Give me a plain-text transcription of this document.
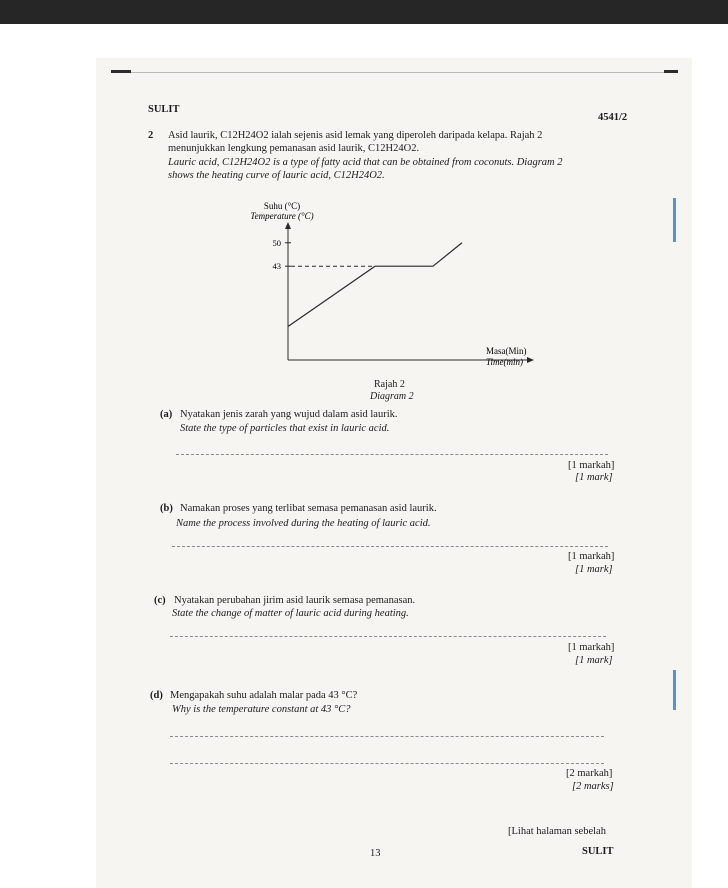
SULIT
4541/2
2 Asid laurik, C12H24O2 ialah sejenis asid lemak yang diperoleh daripada kelapa. Rajah 2
menunjukkan lengkung pemanasan asid laurik, C12H24O2.
Lauric acid, C12H24O2 is a type of fatty acid that can be obtained from coconuts. Diagram 2
shows the heating curve of lauric acid, C12H24O2.
Suhu (°C)
Temperature (°C)
50
43
Masa(Min)
Time(min)
Rajah 2
Diagram 2
(a) Nyatakan jenis zarah yang wujud dalam asid laurik.
State the type of particles that exist in lauric acid.
[1 markah]
[1 mark]
(b) Namakan proses yang terlibat semasa pemanasan asid laurik.
Name the process involved during the heating of lauric acid.
[1 markah]
[1 mark]
(c) Nyatakan perubahan jirim asid laurik semasa pemanasan.
State the change of matter of lauric acid during heating.
[1 markah]
[1 mark]
(d) Mengapakah suhu adalah malar pada 43 °C?
Why is the temperature constant at 43 °C?
[2 markah]
[2 marks]
[Lihat halaman sebelah
13	SULIT
